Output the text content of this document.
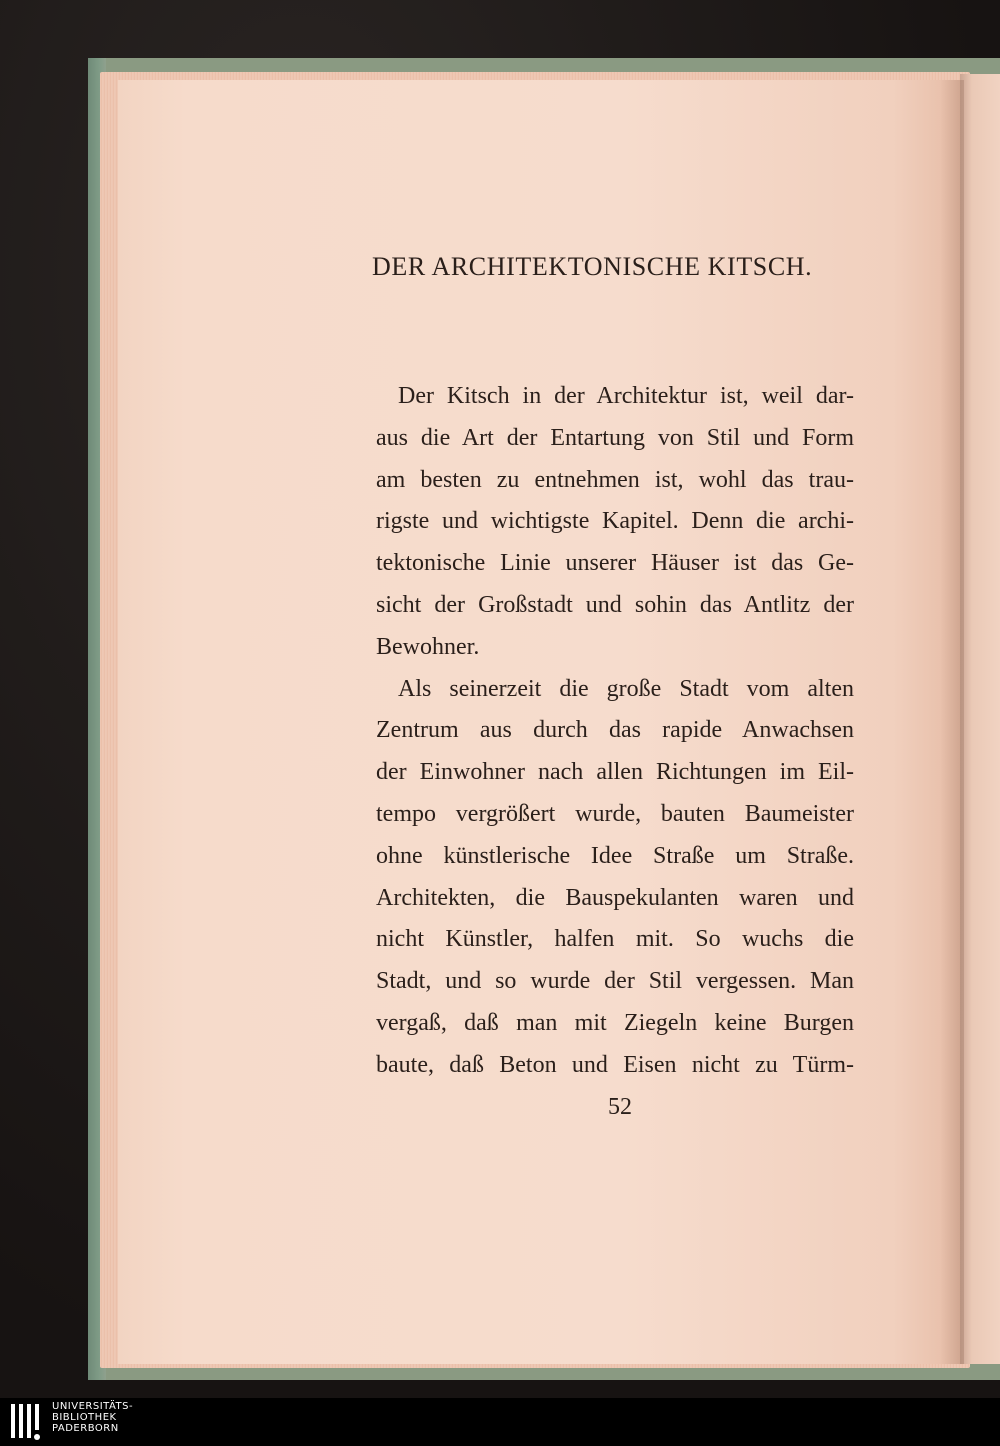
DER ARCHITEKTONISCHE KITSCH.
Der Kitsch in der Architektur ist, weil dar-
aus die Art der Entartung von Stil und Form
am besten zu entnehmen ist, wohl das trau-
rigste und wichtigste Kapitel. Denn die archi-
tektonische Linie unserer Häuser ist das Ge-
sicht der Großstadt und sohin das Antlitz der
Bewohner.
Als seinerzeit die große Stadt vom alten
Zentrum aus durch das rapide Anwachsen
der Einwohner nach allen Richtungen im Eil-
tempo vergrößert wurde, bauten Baumeister
ohne künstlerische Idee Straße um Straße.
Architekten, die Bauspekulanten waren und
nicht Künstler, halfen mit. So wuchs die
Stadt, und so wurde der Stil vergessen. Man
vergaß, daß man mit Ziegeln keine Burgen
baute, daß Beton und Eisen nicht zu Türm-
52
UNIVERSITÄTS-
BIBLIOTHEK
PADERBORN
